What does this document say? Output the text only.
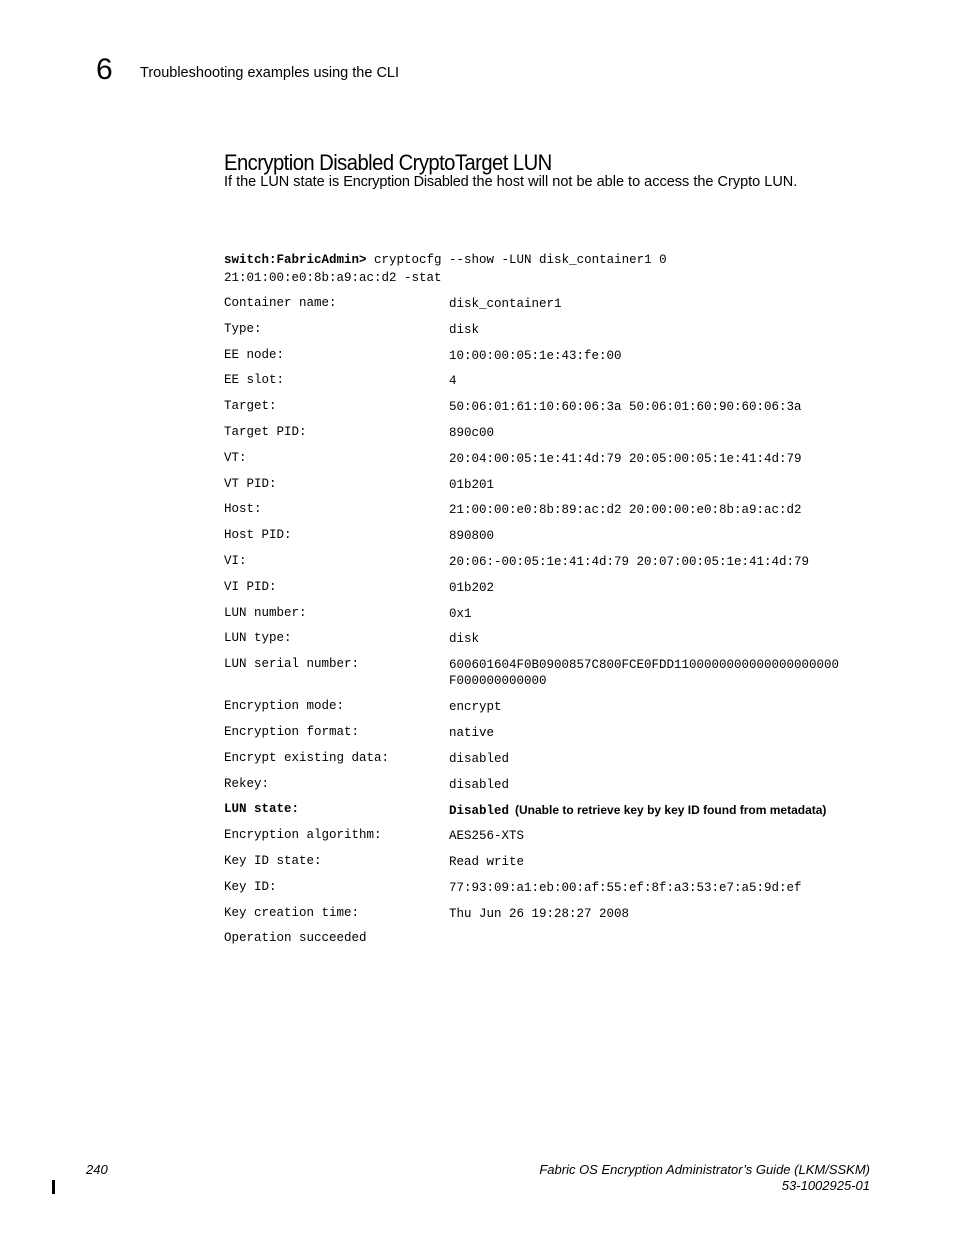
6 Troubleshooting examples using the CLI
Encryption Disabled CryptoTarget LUN
If the LUN state is Encryption Disabled the host will not be able to access the Crypto LUN.
switch:FabricAdmin> cryptocfg --show -LUN disk_container1 0
21:01:00:e0:8b:a9:ac:d2 -stat
Container name:	disk_container1
Type:	disk
EE node:	10:00:00:05:1e:43:fe:00
EE slot:	4
Target:	50:06:01:61:10:60:06:3a 50:06:01:60:90:60:06:3a
Target PID:	890c00
VT:	20:04:00:05:1e:41:4d:79 20:05:00:05:1e:41:4d:79
VT PID:	01b201
Host:	21:00:00:e0:8b:89:ac:d2 20:00:00:e0:8b:a9:ac:d2
Host PID:	890800
VI:	20:06:-00:05:1e:41:4d:79 20:07:00:05:1e:41:4d:79
VI PID:	01b202
LUN number:	0x1
LUN type:	disk
LUN serial number:	600601604F0B0900857C800FCE0FDD1100000000000000000000
F000000000000
Encryption mode:	encrypt
Encryption format:	native
Encrypt existing data:	disabled
Rekey:	disabled
LUN state:	Disabled (Unable to retrieve key by key ID found from metadata)
Encryption algorithm:	AES256-XTS
Key ID state:	Read write
Key ID:	77:93:09:a1:eb:00:af:55:ef:8f:a3:53:e7:a5:9d:ef
Key creation time:	Thu Jun 26 19:28:27 2008
Operation succeeded
240	Fabric OS Encryption Administrator’s Guide (LKM/SSKM)
53-1002925-01
